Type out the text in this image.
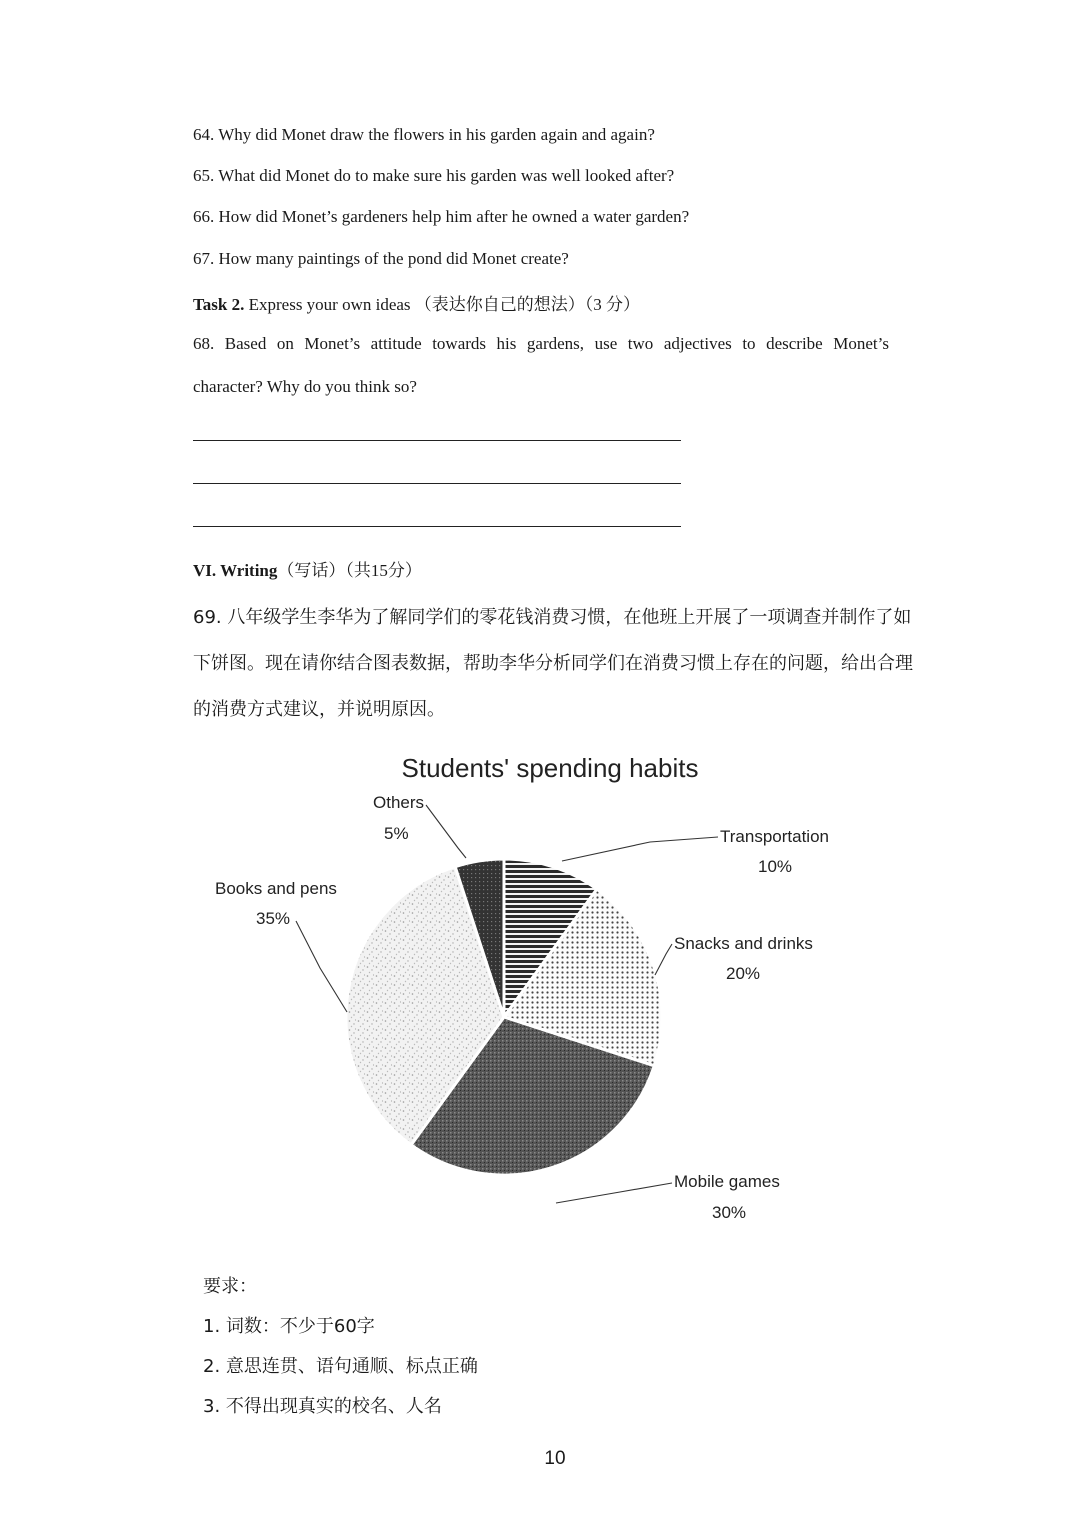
64. Why did Monet draw the flowers in his garden again and again?
65. What did Monet do to make sure his garden was well looked after?
66. How did Monet’s gardeners help him after he owned a water garden?
67. How many paintings of the pond did Monet create?
Task 2. Express your own ideas （表达你自己的想法）（3 分）
68. Based on Monet’s attitude towards his gardens, use two adjectives to describe Monet’s
character? Why do you think so?
VI. Writing（写话）（共15分）
69. 八年级学生李华为了解同学们的零花钱消费习惯，在他班上开展了一项调查并制作了如
下饼图。现在请你结合图表数据，帮助李华分析同学们在消费习惯上存在的问题，给出合理
的消费方式建议，并说明原因。
Students' spending habits
Others
5%	Transportation
10%
Snacks and drinks
20%
Mobile games
30%
Books and pens
35%
要求：
1. 词数：不少于60字
2. 意思连贯、语句通顺、标点正确
3. 不得出现真实的校名、人名
10
